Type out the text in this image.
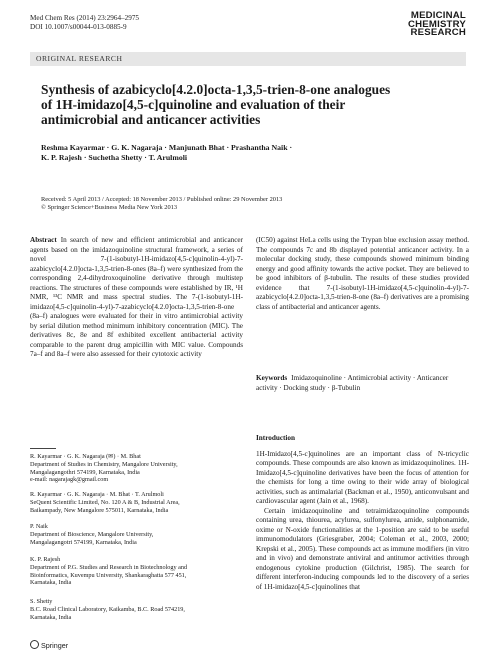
Med Chem Res (2014) 23:2964–2975
DOI 10.1007/s00044-013-0885-9
MEDICINAL
CHEMISTRY
RESEARCH
ORIGINAL RESEARCH
Synthesis of azabicyclo[4.2.0]octa-1,3,5-trien-8-one analogues
of 1H-imidazo[4,5-c]quinoline and evaluation of their
antimicrobial and anticancer activities
Reshma Kayarmar · G. K. Nagaraja · Manjunath Bhat · Prashantha Naik ·
K. P. Rajesh · Suchetha Shetty · T. Arulmoli
Received: 5 April 2013 / Accepted: 18 November 2013 / Published online: 29 November 2013
© Springer Science+Business Media New York 2013

Abstract In search of new and efficient antimicrobial and anticancer agents based on the imidazoquinoline structural framework, a series of novel 7-(1-isobutyl-1H-imidazo[4,5-c]quinolin-4-yl)-7-azabicyclo[4.2.0]octa-1,3,5-trien-8-ones (8a–f) were synthesized from the corresponding 2,4-dihydroxoquinoline derivative through multistep reactions. The structures of these compounds were established by IR, ¹H NMR, ¹³C NMR and mass spectral studies. The 7-(1-isobutyl-1H-imidazo[4,5-c]quinolin-4-yl)-7-azabicyclo[4.2.0]octa-1,3,5-trien-8-one (8a–f) analogues were evaluated for their in vitro antimicrobial activity by serial dilution method minimum inhibitory concentration (MIC). The derivatives 8c, 8e and 8f exhibited excellent antibacterial activity comparable to the parent drug ampicillin with MIC value. Compounds 7a–f and 8a–f were also assessed for their cytotoxic activity

(IC50) against HeLa cells using the Trypan blue exclusion assay method. The compounds 7c and 8b displayed potential anticancer activity. In a molecular docking study, these compounds showed minimum binding energy and good affinity towards the active pocket. They are believed to be good inhibitors of β-tubulin. The results of these studies provided evidence that 7-(1-isobutyl-1H-imidazo[4,5-c]quinolin-4-yl)-7-azabicyclo[4.2.0]octa-1,3,5-trien-8-one (8a–f) derivatives are a promising class of antibacterial and anticancer agents.

Keywords Imidazoquinoline · Antimicrobial activity · Anticancer activity · Docking study · β-Tubulin
Introduction

1H-Imidazo[4,5-c]quinolines are an important class of N-tricyclic compounds. These compounds are also known as imidazoquinolines. 1H-Imidazo[4,5-c]quinoline derivatives have been the focus of attention for the chemists for long a time owing to their wide array of biological activities, such as antimalarial (Backman et al., 1950), anticonvulsant and cardiovascular agent (Jain et al., 1968).

Certain imidazoquinoline and tetraimidazoquinoline compounds containing urea, thiourea, acylurea, sulfonylurea, amide, sulphonamide, oxime or N-oxide functionalities at the 1-position are said to be useful immunomodulators (Griesgraber, 2004; Coleman et al., 2003, 2000; Krepski et al., 2005). These compounds act as immune modifiers (in vitro and in vivo) and demonstrate antiviral and antitumor activities through endogenous cytokine production (Gilchrist, 1985). The search for different interferon-inducing compounds led to the discovery of a series of 1H-imidazo[4,5-c]quinolines that

R. Kayarmar · G. K. Nagaraja (✉) · M. Bhat
Department of Studies in Chemistry, Mangalore University,
Mangalagangothri 574199, Karnataka, India
e-mail: nagarajagk@gmail.com
R. Kayarmar · G. K. Nagaraja · M. Bhat · T. Arulmoli
SeQuent Scientific Limited, No. 120 A & B, Industrial Area,
Baikampady, New Mangalore 575011, Karnataka, India
P. Naik
Department of Bioscience, Mangalore University,
Mangalagangotri 574199, Karnataka, India
K. P. Rajesh
Department of P.G. Studies and Research in Biotechnology and
Bioinformatics, Kuvempu University, Shankaraghatta 577 451,
Karnataka, India
S. Shetty
B.C. Road Clinical Laboratory, Kaikamba, B.C. Road 574219,
Karnataka, India
Springer
